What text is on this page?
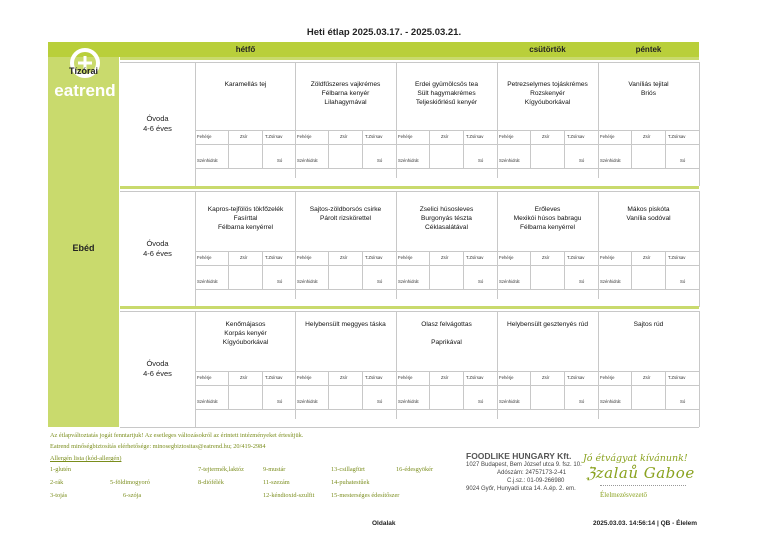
Heti étlap 2025.03.17. - 2025.03.21.
hétfő	csütörtök	péntek
eatrend
Tízórai
Óvoda
4-6 éves
Karamellás tej
Fehérje	Zsír	T.Zsírsav
Szénhidrát	Só
Zöldfűszeres vajkrémes
Félbarna kenyér
Lilahagymával
Fehérje	Zsír	T.Zsírsav
Szénhidrát	Só
Erdei gyümölcsös tea
Sült hagymakrémes
Teljeskiőrlésű kenyér
Fehérje	Zsír	T.Zsírsav
Szénhidrát	Só
Petrezselymes tojáskrémes
Rozskenyér
Kígyóuborkával
Fehérje	Zsír	T.Zsírsav
Szénhidrát	Só
Vaníliás tejital
Briós
Fehérje	Zsír	T.Zsírsav
Szénhidrát	Só
Ebéd	Óvoda
4-6 éves
Kapros-tejfölös tökfőzelék
Fasírttal
Félbarna kenyérrel
Fehérje	Zsír	T.Zsírsav
Szénhidrát	Só
Sajtos-zöldborsós csirke
Párolt rizskörettel
Fehérje	Zsír	T.Zsírsav
Szénhidrát	Só
Zselici húsosleves
Burgonyás tészta
Céklasalátával
Fehérje	Zsír	T.Zsírsav
Szénhidrát	Só
Erőleves
Mexikói húsos babragu
Félbarna kenyérrel
Fehérje	Zsír	T.Zsírsav
Szénhidrát	Só
Mákos piskóta
Vanília sodóval
Fehérje	Zsír	T.Zsírsav
Szénhidrát	Só
Óvoda
4-6 éves
Kenőmájasos
Korpás kenyér
Kígyóuborkával
Fehérje	Zsír	T.Zsírsav
Szénhidrát	Só
Helybensült meggyes táska
Fehérje	Zsír	T.Zsírsav
Szénhidrát	Só
Olasz felvágottas

Paprikával
Fehérje	Zsír	T.Zsírsav
Szénhidrát	Só
Helybensült gesztenyés rúd
Fehérje	Zsír	T.Zsírsav
Szénhidrát	Só
Sajtos rúd
Fehérje	Zsír	T.Zsírsav
Szénhidrát	Só
Az étlapváltoztatás jogát fenntartjuk! Az esetleges változásokról az érintett intézményeket értesítjük.
Eatrend minőségbiztosítás elérhetősége: minosegbiztositas@eatrend.hu; 20/419-2984
Allergén lista (kód-allergén)
1-glutén
2-rák
3-tojás
5-földimogyoró
6-szója
7-tejtermék,laktóz
8-diófélék
9-mustár
11-szezám
12-kéndioxid-szulfit
13-csillagfürt
14-puhatestűek
15-mesterséges édesítőszer
16-édesgyökér
FOODLIKE HUNGARY Kft.
1027 Budapest, Bem József utca 9. fsz. 10.
Adószám: 24757173-2-41
C.j.sz.: 01-09-266980
9024 Győr, Hunyadi utca 14. A.ép. 2. em.
Jó étvágyat kívánunk!
ℨzalaů Gaboe
Élelmezésvezető
Oldalak	2025.03.03. 14:56:14 | QB - Élelem
